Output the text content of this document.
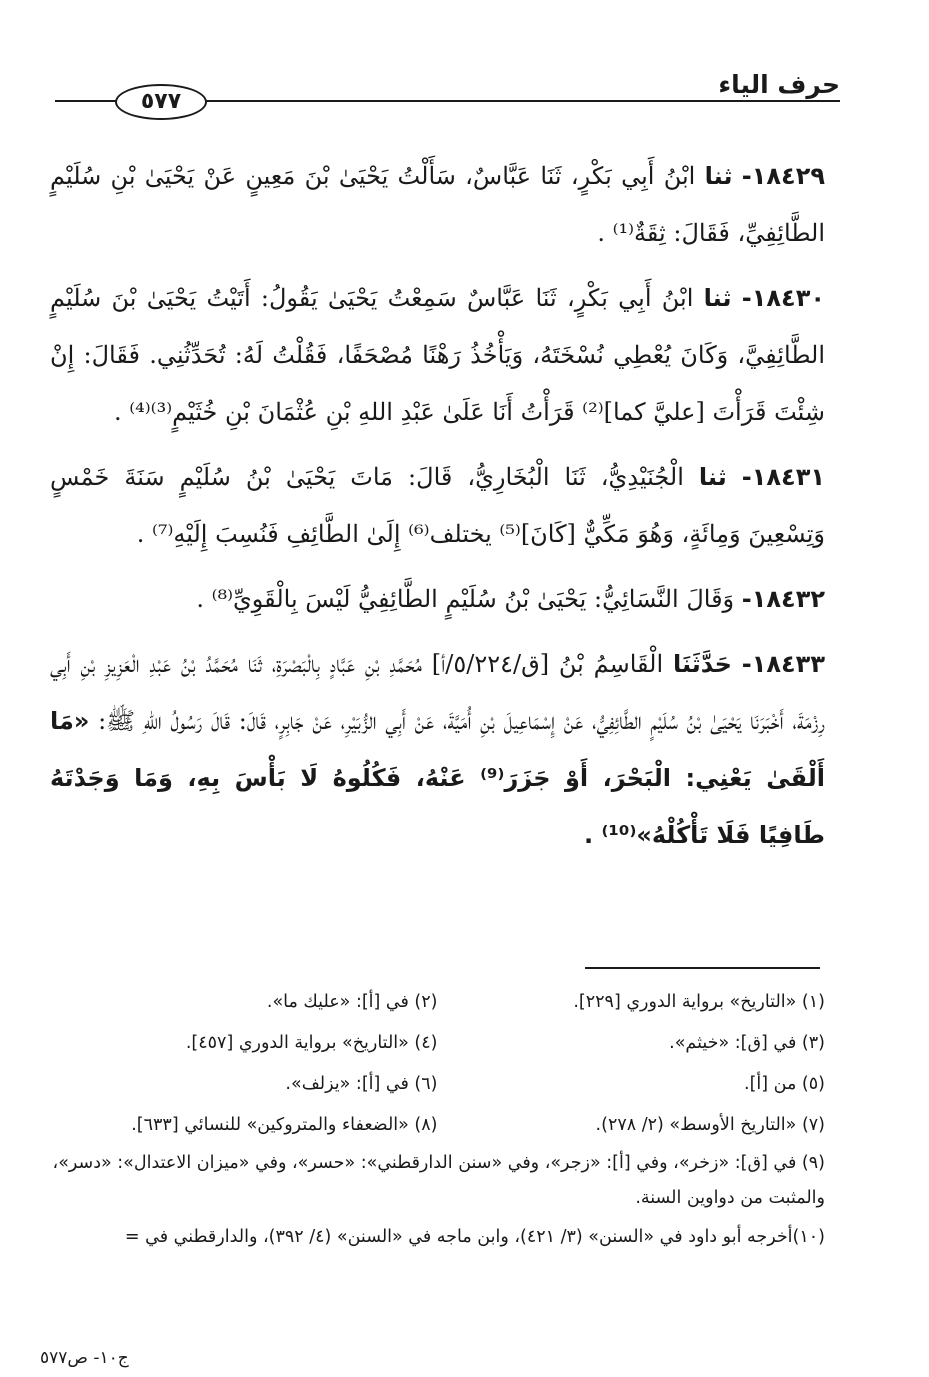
حرف الياء
٥٧٧

١٨٤٢٩- ثنا ابْنُ أَبِي بَكْرٍ، ثَنَا عَبَّاسٌ، سَأَلْتُ يَحْيَىٰ بْنَ مَعِينٍ عَنْ يَحْيَىٰ بْنِ سُلَيْمٍ الطَّائِفِيِّ، فَقَالَ: ثِقَةٌ⁽¹⁾ .

١٨٤٣٠- ثنا ابْنُ أَبِي بَكْرٍ، ثَنَا عَبَّاسٌ سَمِعْتُ يَحْيَىٰ يَقُولُ: أَتَيْتُ يَحْيَىٰ بْنَ سُلَيْمٍ الطَّائِفِيَّ، وَكَانَ يُعْطِي نُسْخَتَهُ، وَيَأْخُذُ رَهْنًا مُصْحَفًا، فَقُلْتُ لَهُ: تُحَدِّثُنِي. فَقَالَ: إِنْ شِئْتَ قَرَأْتَ [عليَّ كما]⁽²⁾ قَرَأْتُ أَنَا عَلَىٰ عَبْدِ اللهِ بْنِ عُثْمَانَ بْنِ خُثَيْمٍ⁽³⁾⁽⁴⁾ .

١٨٤٣١- ثنا الْجُنَيْدِيُّ، ثَنَا الْبُخَارِيُّ، قَالَ: مَاتَ يَحْيَىٰ بْنُ سُلَيْمٍ سَنَةَ خَمْسٍ وَتِسْعِينَ وَمِائَةٍ، وَهُوَ مَكِّيٌّ [كَانَ]⁽⁵⁾ يختلف⁽⁶⁾ إِلَىٰ الطَّائِفِ فَنُسِبَ إِلَيْهِ⁽⁷⁾ .

١٨٤٣٢- وَقَالَ النَّسَائِيُّ: يَحْيَىٰ بْنُ سُلَيْمٍ الطَّائِفِيُّ لَيْسَ بِالْقَوِيِّ⁽⁸⁾ .

١٨٤٣٣- حَدَّثَنَا الْقَاسِمُ بْنُ [ق/٥/٢٢٤/أ] مُحَمَّدِ بْنِ عَبَّادٍ بِالْبَصْرَةِ، ثَنَا مُحَمَّدُ بْنُ عَبْدِ الْعَزِيزِ بْنِ أَبِي رِزْمَةَ، أَخْبَرَنَا يَحْيَىٰ بْنُ سُلَيْمٍ الطَّائِفِيُّ، عَنْ إِسْمَاعِيلَ بْنِ أُمَيَّةَ، عَنْ أَبِي الزُّبَيْرِ، عَنْ جَابِرٍ، قَالَ: قَالَ رَسُولُ اللهِ ﷺ: «مَا أَلْقَىٰ يَعْنِي: الْبَحْرَ، أَوْ جَزَرَ⁽⁹⁾ عَنْهُ، فَكُلُوهُ لَا بَأْسَ بِهِ، وَمَا وَجَدْتَهُ طَافِيًا فَلَا تَأْكُلْهُ»⁽¹⁰⁾ .

(١) «التاريخ» برواية الدوري [٢٢٩].
(٢) في [أ]: «عليك ما».
(٣) في [ق]: «خيثم».
(٤) «التاريخ» برواية الدوري [٤٥٧].
(٥) من [أ].
(٦) في [أ]: «يزلف».
(٧) «التاريخ الأوسط» (٢/ ٢٧٨).
(٨) «الضعفاء والمتروكين» للنسائي [٦٣٣].
(٩) في [ق]: «زخر»، وفي [أ]: «زجر»، وفي «سنن الدارقطني»: «حسر»، وفي «ميزان الاعتدال»: «دسر»، والمثبت من دواوين السنة.
(١٠)أخرجه أبو داود في «السنن» (٣/ ٤٢١)، وابن ماجه في «السنن» (٤/ ٣٩٢)، والدارقطني في =
ج١٠- ص٥٧٧
